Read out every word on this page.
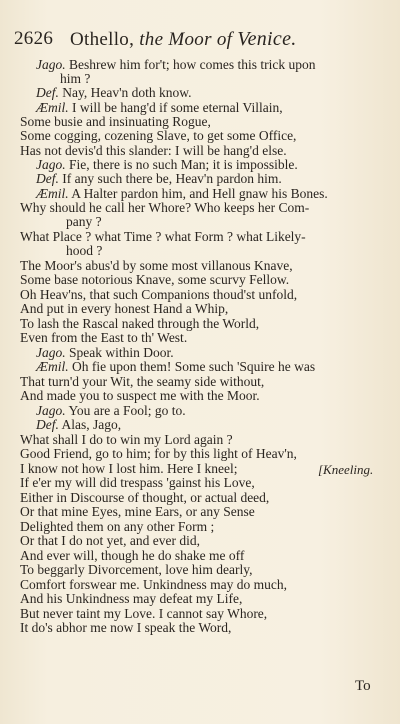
2626 Othello, the Moor of Venice.
Jago. Beshrew him for't; how comes this trick upon
him ?
Def. Nay, Heav'n doth know.
Æmil. I will be hang'd if some eternal Villain,
Some busie and insinuating Rogue,
Some cogging, cozening Slave, to get some Office,
Has not devis'd this slander: I will be hang'd else.
Jago. Fie, there is no such Man; it is impossible.
Def. If any such there be, Heav'n pardon him.
Æmil. A Halter pardon him, and Hell gnaw his Bones.
Why should he call her Whore? Who keeps her Com-
pany ?
What Place ? what Time ? what Form ? what Likely-
hood ?
The Moor's abus'd by some most villanous Knave,
Some base notorious Knave, some scurvy Fellow.
Oh Heav'ns, that such Companions thoud'st unfold,
And put in every honest Hand a Whip,
To lash the Rascal naked through the World,
Even from the East to th' West.
Jago. Speak within Door.
Æmil. Oh fie upon them! Some such 'Squire he was
That turn'd your Wit, the seamy side without,
And made you to suspect me with the Moor.
Jago. You are a Fool; go to.
Def. Alas, Jago,
What shall I do to win my Lord again ?
Good Friend, go to him; for by this light of Heav'n,
I know not how I lost him. Here I kneel;	[Kneeling.
If e'er my will did trespass 'gainst his Love,
Either in Discourse of thought, or actual deed,
Or that mine Eyes, mine Ears, or any Sense
Delighted them on any other Form ;
Or that I do not yet, and ever did,
And ever will, though he do shake me off
To beggarly Divorcement, love him dearly,
Comfort forswear me. Unkindness may do much,
And his Unkindness may defeat my Life,
But never taint my Love. I cannot say Whore,
It do's abhor me now I speak the Word,
To
